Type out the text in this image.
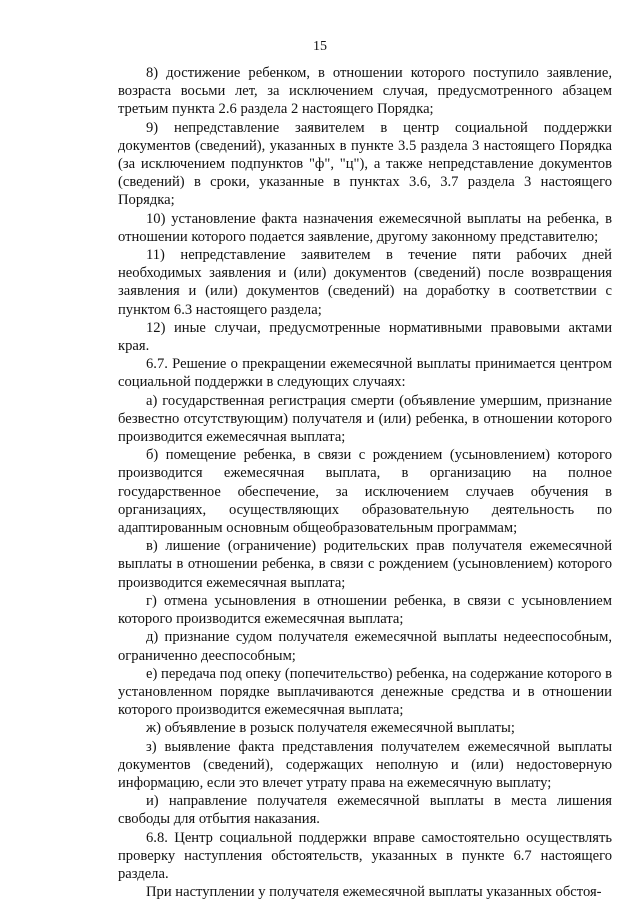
15

8) достижение ребенком, в отношении которого поступило заявление, возраста восьми лет, за исключением случая, предусмотренного абзацем третьим пункта 2.6 раздела 2 настоящего Порядка;

9) непредставление заявителем в центр социальной поддержки документов (сведений), указанных в пункте 3.5 раздела 3 настоящего Порядка (за исключением подпунктов "ф", "ц"), а также непредставление документов (сведений) в сроки, указанные в пунктах 3.6, 3.7 раздела 3 настоящего Порядка;

10) установление факта назначения ежемесячной выплаты на ребенка, в отношении которого подается заявление, другому законному представителю;

11) непредставление заявителем в течение пяти рабочих дней необходимых заявления и (или) документов (сведений) после возвращения заявления и (или) документов (сведений) на доработку в соответствии с пунктом 6.3 настоящего раздела;

12) иные случаи, предусмотренные нормативными правовыми актами края.

6.7. Решение о прекращении ежемесячной выплаты принимается центром социальной поддержки в следующих случаях:

а) государственная регистрация смерти (объявление умершим, признание безвестно отсутствующим) получателя и (или) ребенка, в отношении которого производится ежемесячная выплата;

б) помещение ребенка, в связи с рождением (усыновлением) которого производится ежемесячная выплата, в организацию на полное государственное обеспечение, за исключением случаев обучения в организациях, осуществляющих образовательную деятельность по адаптированным основным общеобразовательным программам;

в) лишение (ограничение) родительских прав получателя ежемесячной выплаты в отношении ребенка, в связи с рождением (усыновлением) которого производится ежемесячная выплата;

г) отмена усыновления в отношении ребенка, в связи с усыновлением которого производится ежемесячная выплата;

д) признание судом получателя ежемесячной выплаты недееспособным, ограниченно дееспособным;

е) передача под опеку (попечительство) ребенка, на содержание которого в установленном порядке выплачиваются денежные средства и в отношении которого производится ежемесячная выплата;

ж) объявление в розыск получателя ежемесячной выплаты;

з) выявление факта представления получателем ежемесячной выплаты документов (сведений), содержащих неполную и (или) недостоверную информацию, если это влечет утрату права на ежемесячную выплату;

и) направление получателя ежемесячной выплаты в места лишения свободы для отбытия наказания.

6.8. Центр социальной поддержки вправе самостоятельно осуществлять проверку наступления обстоятельств, указанных в пункте 6.7 настоящего раздела.

При наступлении у получателя ежемесячной выплаты указанных обстоя-
